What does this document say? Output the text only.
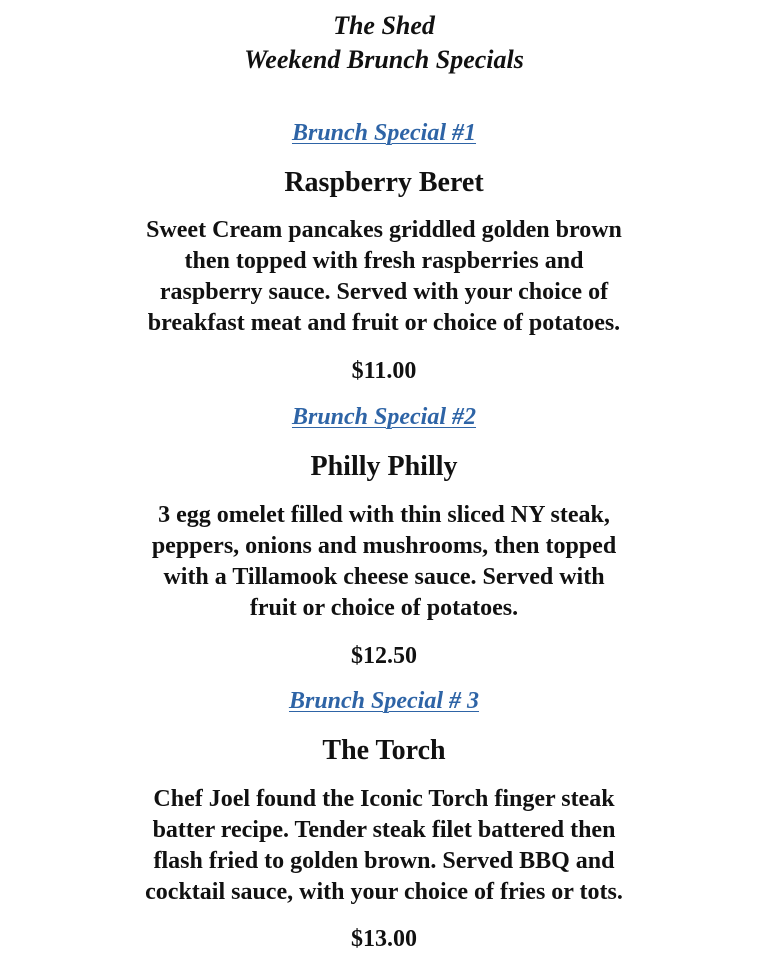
The Shed
Weekend Brunch Specials
Brunch Special #1
Raspberry Beret
Sweet Cream pancakes griddled golden brown
then topped with fresh raspberries and
raspberry sauce. Served with your choice of
breakfast meat and fruit or choice of potatoes.
$11.00
Brunch Special #2
Philly Philly
3 egg omelet filled with thin sliced NY steak,
peppers, onions and mushrooms, then topped
with a Tillamook cheese sauce. Served with
fruit or choice of potatoes.
$12.50
Brunch Special # 3
The Torch
Chef Joel found the Iconic Torch finger steak
batter recipe. Tender steak filet battered then
flash fried to golden brown. Served BBQ and
cocktail sauce, with your choice of fries or tots.
$13.00
